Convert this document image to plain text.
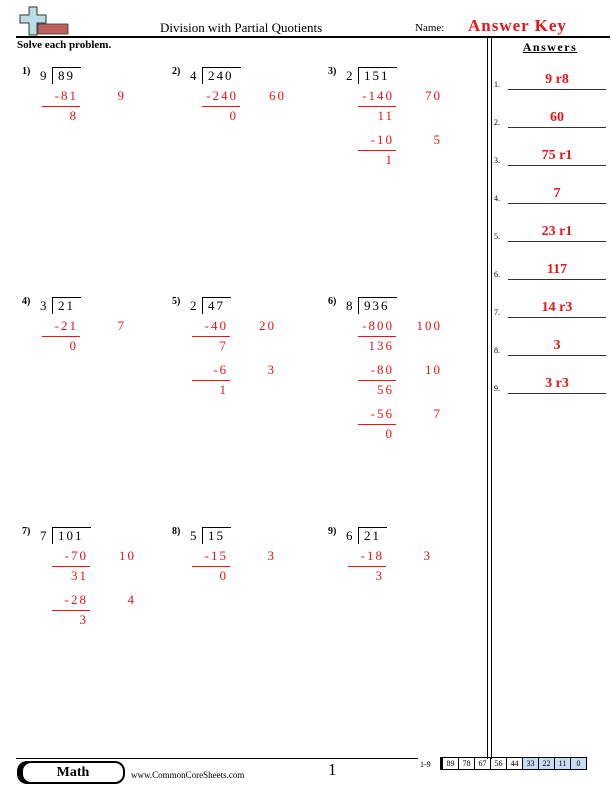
Division with Partial Quotients	Name: Answer Key
Solve each problem.	Answers
1.	9 r8
2.	60
3.	75 r1
4.	7
5.	23 r1
6.	117
7.	14 r3
8.	3
9.	3 r3
1) 9 89
-81	9
8
2) 4 240
-240	60
0
3) 2 151
-140	70
11
-10	5
1
4) 3 21
-21	7
0
5) 2 47
-40	20
7
-6	3
1
6) 8 936
-800	100
136
-80	10
56
-56	7
0
7) 7 101
-70	10
31
-28	4
3
8) 5 15
-15	3
0
9) 6 21
-18	3
3
Math	www.CommonCoreSheets.com	1	1-9	89	78	67	56	44	33	22	11	0
